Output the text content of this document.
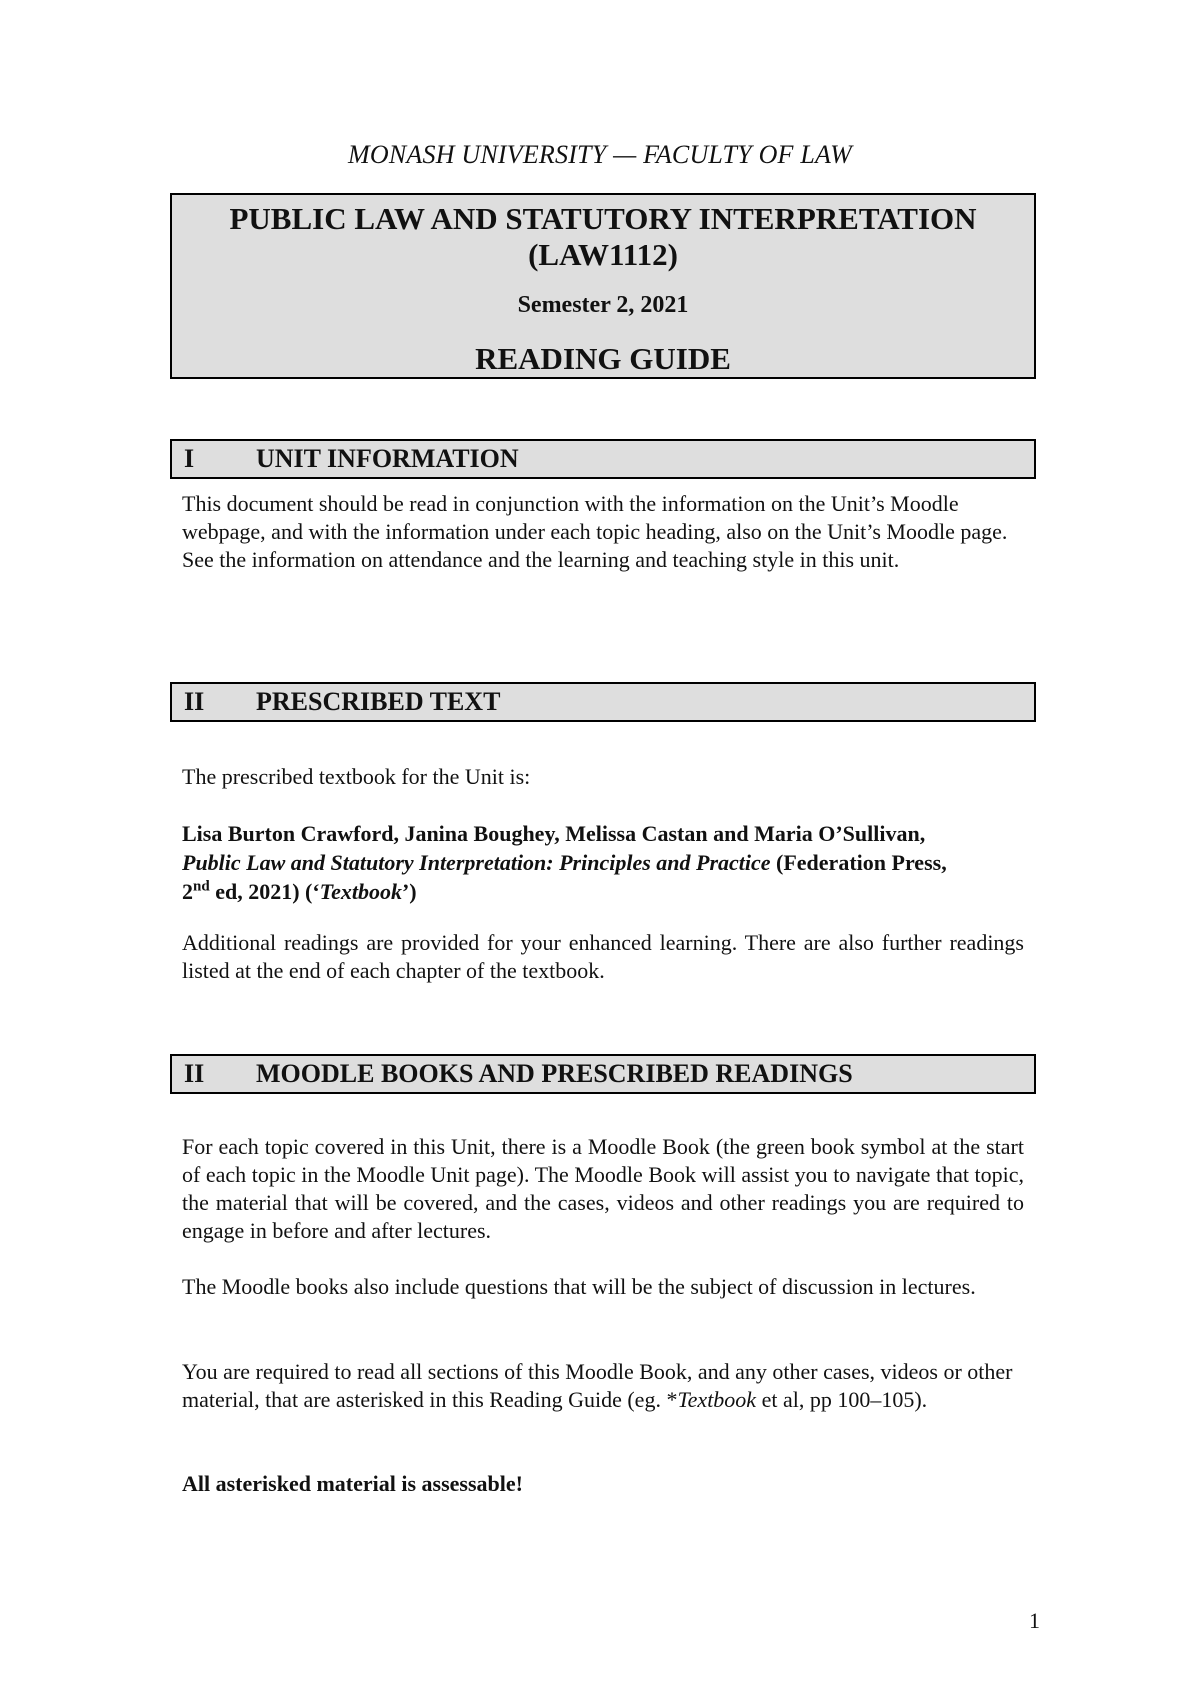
MONASH UNIVERSITY — FACULTY OF LAW
PUBLIC LAW AND STATUTORY INTERPRETATION
(LAW1112)
Semester 2, 2021
READING GUIDE
I UNIT INFORMATION

This document should be read in conjunction with the information on the Unit’s Moodle webpage, and with the information under each topic heading, also on the Unit’s Moodle page. See the information on attendance and the learning and teaching style in this unit.

II PRESCRIBED TEXT

The prescribed textbook for the Unit is:

Lisa Burton Crawford, Janina Boughey, Melissa Castan and Maria O’Sullivan,
Public Law and Statutory Interpretation: Principles and Practice (Federation Press,
2nd ed, 2021) (‘Textbook’)

Additional readings are provided for your enhanced learning. There are also further readings listed at the end of each chapter of the textbook.

II MOODLE BOOKS AND PRESCRIBED READINGS

For each topic covered in this Unit, there is a Moodle Book (the green book symbol at the start of each topic in the Moodle Unit page). The Moodle Book will assist you to navigate that topic, the material that will be covered, and the cases, videos and other readings you are required to engage in before and after lectures.

The Moodle books also include questions that will be the subject of discussion in lectures.

You are required to read all sections of this Moodle Book, and any other cases, videos or other material, that are asterisked in this Reading Guide (eg. *Textbook et al, pp 100–105).

All asterisked material is assessable!

1
